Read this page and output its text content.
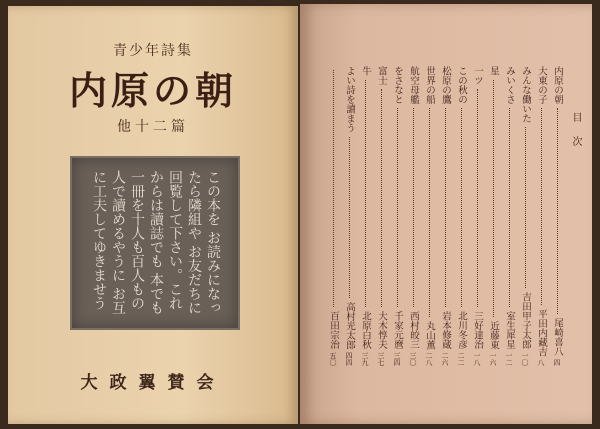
青少年詩集
内原の朝
他十二篇
この本を お読みになったら隣組や お友だちに 回覧して下さい。これからは讀誌でも 本でも一冊を十人も百人もの人で讀めるやうに お互に工夫してゆきませう
大政翼賛会
目次
内原の朝
尾崎喜八
四
大東の子
平田内藏吉
八
みんな働いた
吉田甲子太郎
一〇
みいくさ
室生犀星
一二
星
近藤東
一六
一ツ
三好達治
一八
この秋の
北川冬彦
二二
松原の鷹
岩本修蔵
二六
世界の船
丸山薫
二八
航空母艦
西村皎三
三〇
をさなと
千家元麿
三四
富士
大木惇夫
三七
牛
北原白秋
三九
よい詩を讀まう
高村光太郎
四四
百田宗治
五〇
